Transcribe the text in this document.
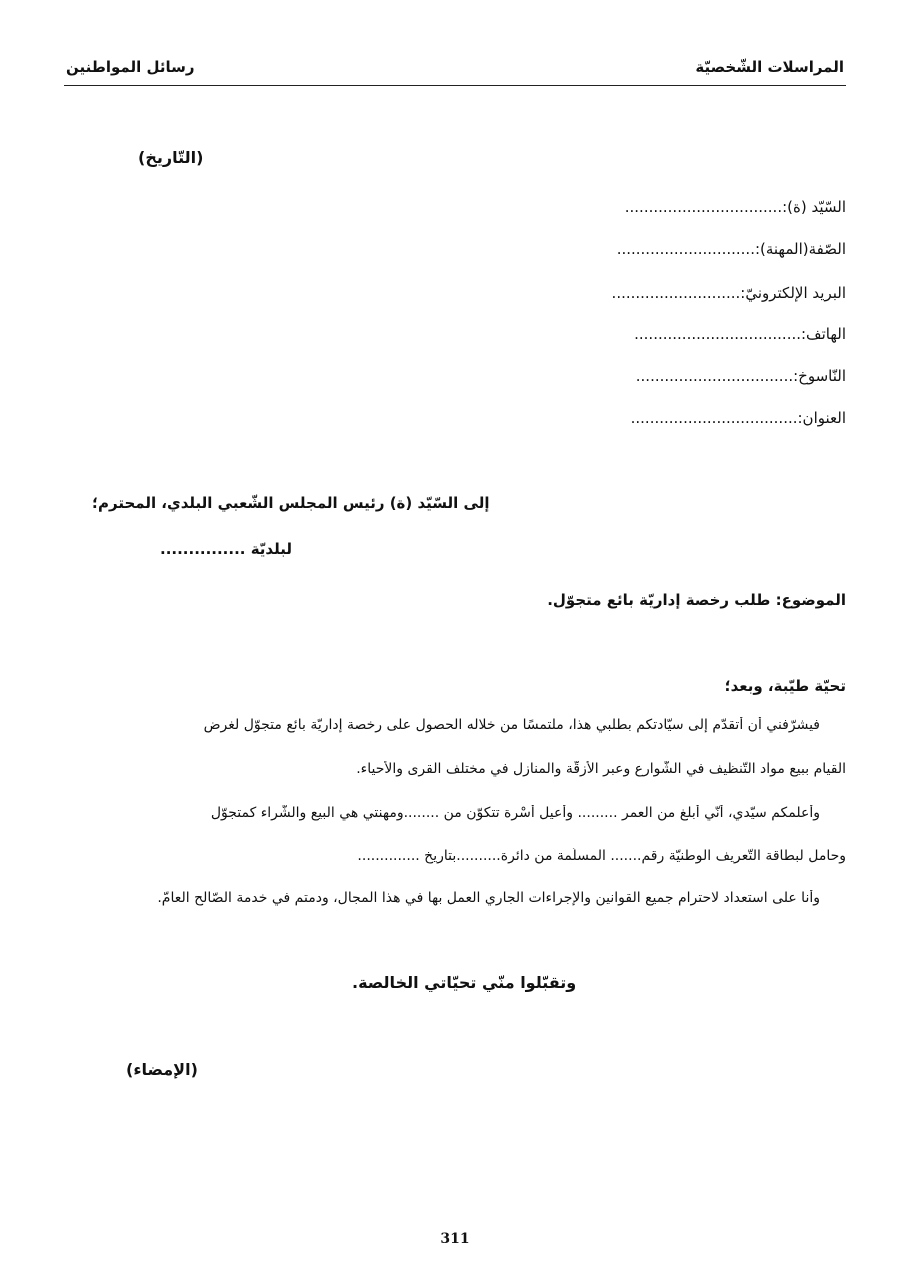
المراسلات الشّخصيّة
رسائل المواطنين
(التّاريخ)
السّيّد (ة):.................................
الصّفة(المهنة):.............................
البريد الإلكترونيّ:...........................
الهاتف:...................................
النّاسوخ:.................................
العنوان:...................................
إلى السّيّد (ة) رئيس المجلس الشّعبي البلدي، المحترم؛
لبلديّة ...............
الموضوع: طلب رخصة إداريّة بائع متجوّل.
تحيّة طيّبة، وبعد؛
فيشرّفني أن أتقدّم إلى سيّادتكم بطلبي هذا، ملتمسًا من خلاله الحصول على رخصة إداريّة بائع متجوّل لغرض
القيام ببيع مواد التّنظيف في الشّوارع وعبر الأزقّة والمنازل في مختلف القرى والأحياء.
وأعلمكم سيّدي، أنّي أبلغ من العمر ......... وأعيل أُسْرة تتكوّن من ........ومهنتي هي البيع والشّراء كمتجوّل
وحامل لبطاقة التّعريف الوطنيّة رقم....... المسلّمة من دائرة..........بتاريخ ..............
وأنا على استعداد لاحترام جميع القوانين والإجراءات الجاري العمل بها في هذا المجال، ودمتم في خدمة الصّالح العامّ.
وتقبّلوا منّي تحيّاتي الخالصة.
(الإمضاء)
311
